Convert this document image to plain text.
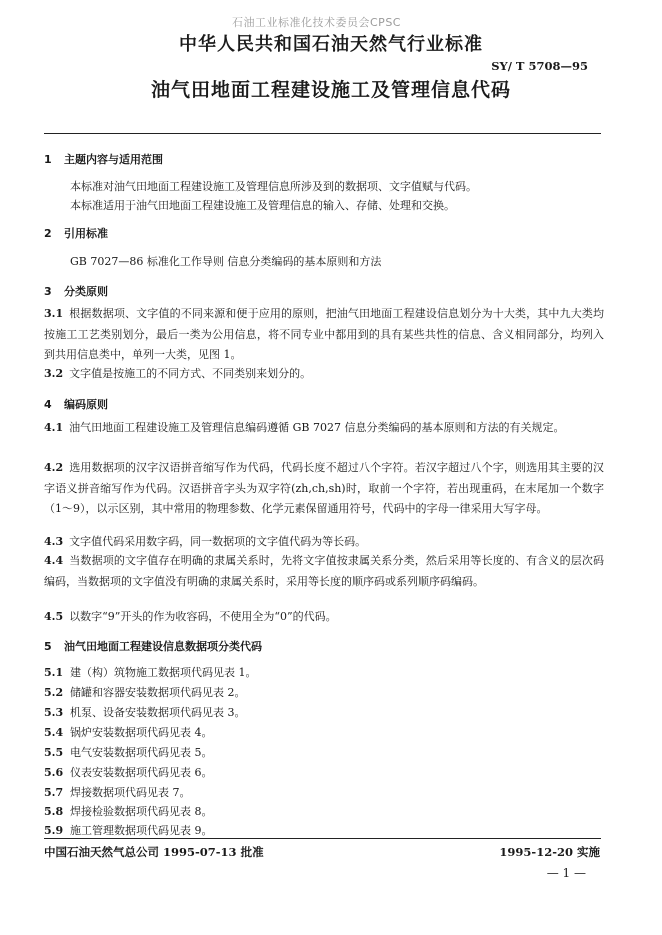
石油工业标准化技术委员会CPSC
中华人民共和国石油天然气行业标准
SY/ T 5708—95
油气田地面工程建设施工及管理信息代码
1 主题内容与适用范围
本标准对油气田地面工程建设施工及管理信息所涉及到的数据项、文字值赋与代码。
本标准适用于油气田地面工程建设施工及管理信息的输入、存储、处理和交换。
2 引用标准
GB 7027—86 标准化工作导则 信息分类编码的基本原则和方法
3 分类原则
3.1 根据数据项、文字值的不同来源和便于应用的原则，把油气田地面工程建设信息划分为十大类，其中九大类均按施工工艺类别划分，最后一类为公用信息，将不同专业中都用到的具有某些共性的信息、含义相同部分，均列入到共用信息类中，单列一大类，见图 1。
3.2 文字值是按施工的不同方式、不同类别来划分的。
4 编码原则
4.1 油气田地面工程建设施工及管理信息编码遵循 GB 7027 信息分类编码的基本原则和方法的有关规定。
4.2 选用数据项的汉字汉语拼音缩写作为代码，代码长度不超过八个字符。若汉字超过八个字，则选用其主要的汉字语义拼音缩写作为代码。汉语拼音字头为双字符(zh,ch,sh)时，取前一个字符，若出现重码，在末尾加一个数字（1～9），以示区别，其中常用的物理参数、化学元素保留通用符号，代码中的字母一律采用大写字母。
4.3 文字值代码采用数字码，同一数据项的文字值代码为等长码。
4.4 当数据项的文字值存在明确的隶属关系时，先将文字值按隶属关系分类，然后采用等长度的、有含义的层次码编码，当数据项的文字值没有明确的隶属关系时，采用等长度的顺序码或系列顺序码编码。
4.5 以数字“9”开头的作为收容码，不使用全为“0”的代码。
5 油气田地面工程建设信息数据项分类代码
5.1 建（构）筑物施工数据项代码见表 1。
5.2 储罐和容器安装数据项代码见表 2。
5.3 机泵、设备安装数据项代码见表 3。
5.4 锅炉安装数据项代码见表 4。
5.5 电气安装数据项代码见表 5。
5.6 仪表安装数据项代码见表 6。
5.7 焊接数据项代码见表 7。
5.8 焊接检验数据项代码见表 8。
5.9 施工管理数据项代码见表 9。
中国石油天然气总公司 1995-07-13 批准	1995-12-20 实施
— 1 —
